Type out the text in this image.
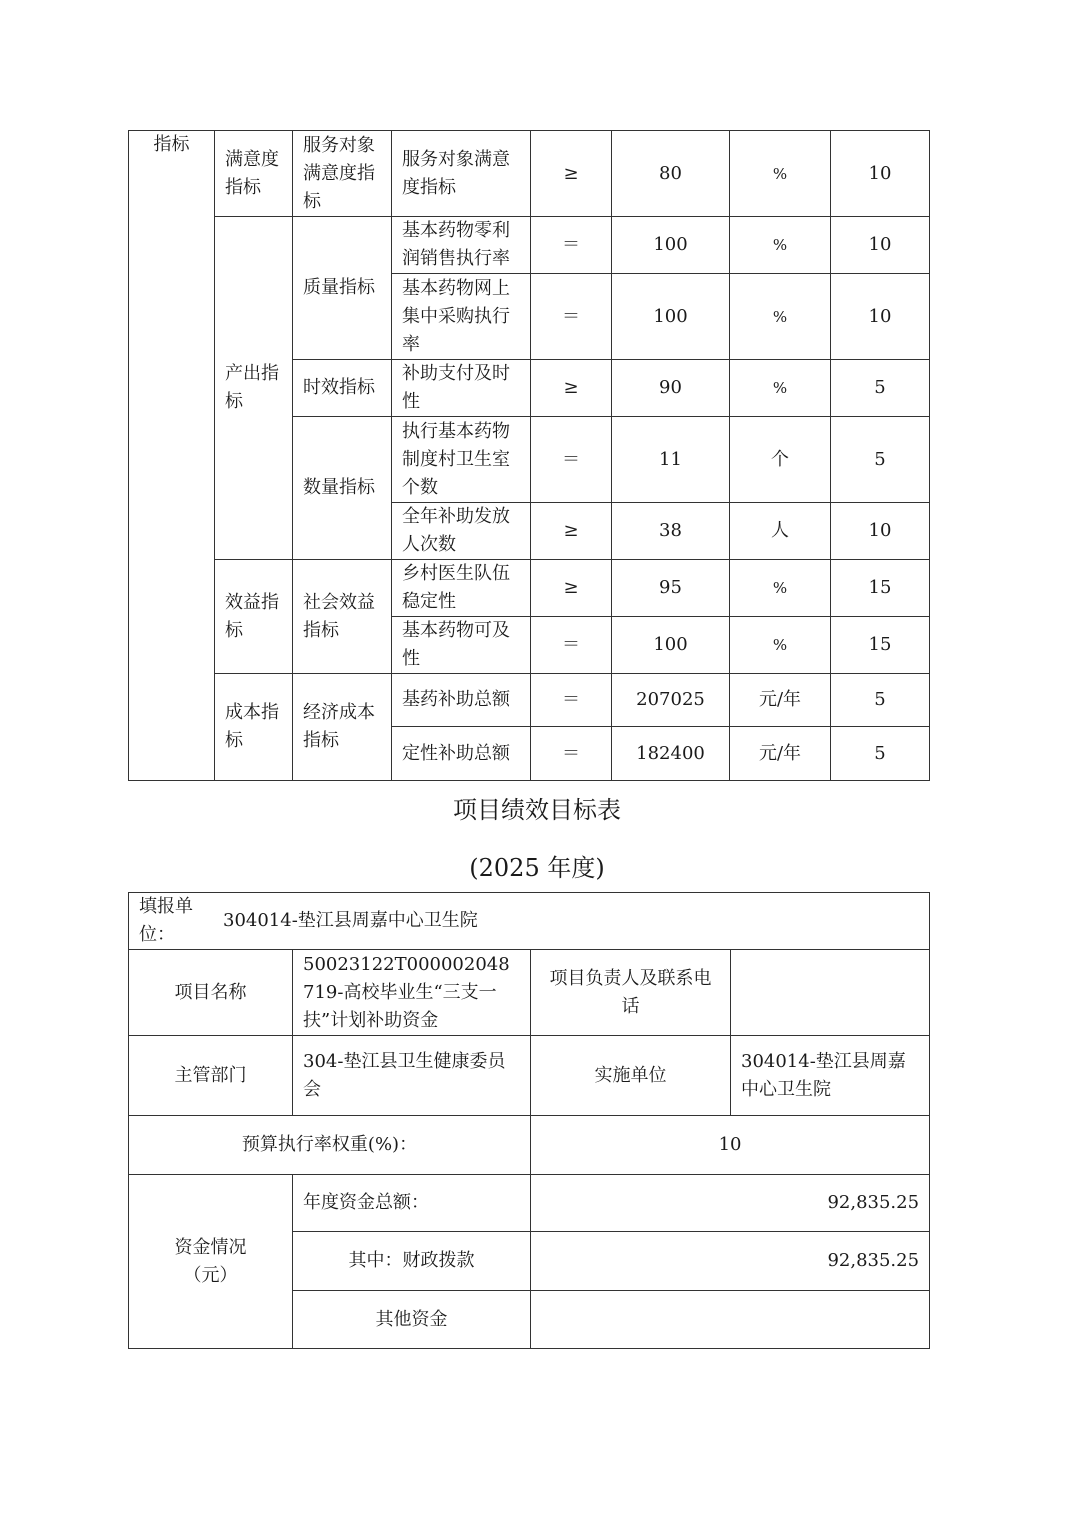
指标	满意度指标	服务对象满意度指标	服务对象满意度指标	≥	80	%	10
	产出指标	质量指标	基本药物零利润销售执行率	＝	100	%	10
			基本药物网上集中采购执行率	＝	100	%	10
		时效指标	补助支付及时性	≥	90	%	5
		数量指标	执行基本药物制度村卫生室个数	＝	11	个	5
			全年补助发放人次数	≥	38	人	10
	效益指标	社会效益指标	乡村医生队伍稳定性	≥	95	%	15
			基本药物可及性	＝	100	%	15
	成本指标	经济成本指标	基药补助总额	＝	207025	元/年	5
			定性补助总额	＝	182400	元/年	5
项目绩效目标表
(2025 年度)
填报单位：
304014-垫江县周嘉中心卫生院			

项目名称	50023122T000002048719-高校毕业生“三支一扶”计划补助资金	项目负责人及联系电话	
主管部门	304-垫江县卫生健康委员会	实施单位	304014-垫江县周嘉中心卫生院
预算执行率权重(%)：		10	
资金情况（元）	年度资金总额：	92,835.25	
	其中：财政拨款	92,835.25	
	其他资金		
